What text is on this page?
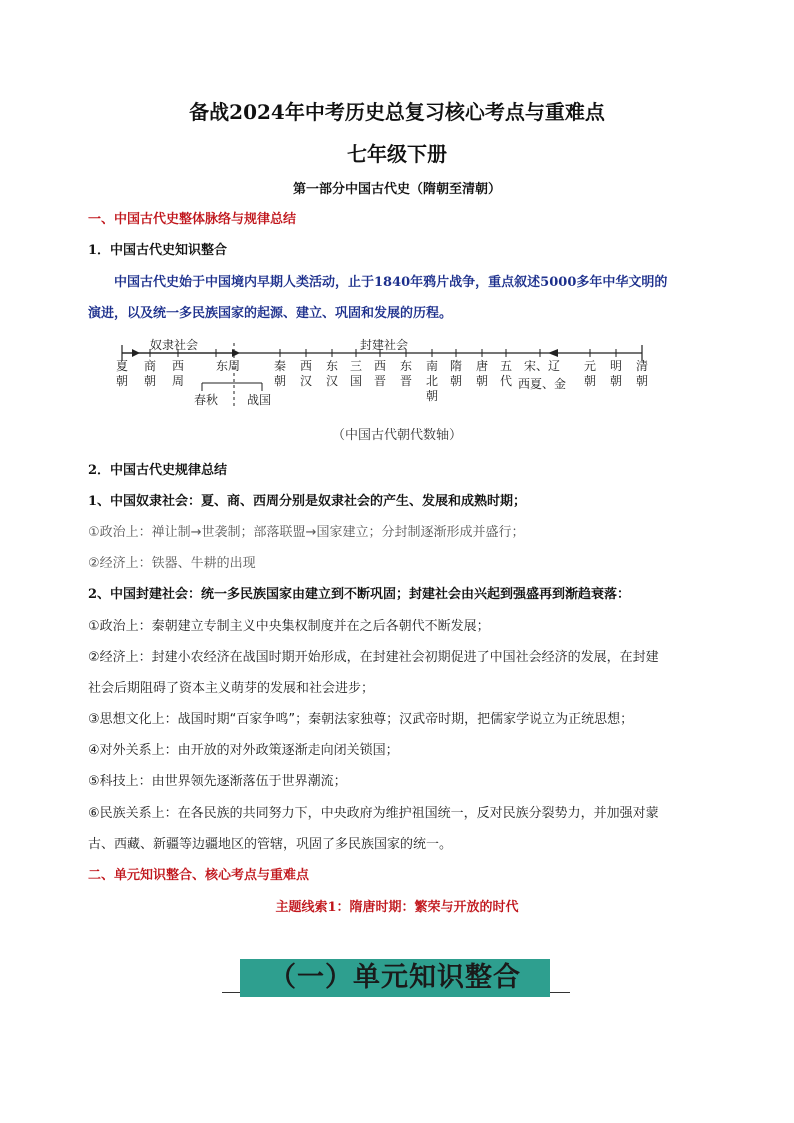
备战2024年中考历史总复习核心考点与重难点
七年级下册
第一部分中国古代史（隋朝至清朝）
一、中国古代史整体脉络与规律总结
1．中国古代史知识整合
中国古代史始于中国境内早期人类活动，止于1840年鸦片战争，重点叙述5000多年中华文明的
演进，以及统一多民族国家的起源、建立、巩固和发展的历程。
奴隶社会	封建社会
夏朝
商朝
西周
东周	秦朝
西汉
东汉
三国
西晋
东晋
南北朝
隋朝
唐朝
五代
宋、辽西夏、金
元朝
明朝
清朝
春秋 战国
（中国古代朝代数轴）
2．中国古代史规律总结
1、中国奴隶社会：夏、商、西周分别是奴隶社会的产生、发展和成熟时期；
①政治上：禅让制→世袭制；部落联盟→国家建立；分封制逐渐形成并盛行；
②经济上：铁器、牛耕的出现
2、中国封建社会：统一多民族国家由建立到不断巩固；封建社会由兴起到强盛再到渐趋衰落：
①政治上：秦朝建立专制主义中央集权制度并在之后各朝代不断发展；
②经济上：封建小农经济在战国时期开始形成，在封建社会初期促进了中国社会经济的发展，在封建
社会后期阻碍了资本主义萌芽的发展和社会进步；
③思想文化上：战国时期“百家争鸣”；秦朝法家独尊；汉武帝时期，把儒家学说立为正统思想；
④对外关系上：由开放的对外政策逐渐走向闭关锁国；
⑤科技上：由世界领先逐渐落伍于世界潮流；
⑥民族关系上：在各民族的共同努力下，中央政府为维护祖国统一，反对民族分裂势力，并加强对蒙
古、西藏、新疆等边疆地区的管辖，巩固了多民族国家的统一。
二、单元知识整合、核心考点与重难点
主题线索1：隋唐时期：繁荣与开放的时代
（一）单元知识整合
